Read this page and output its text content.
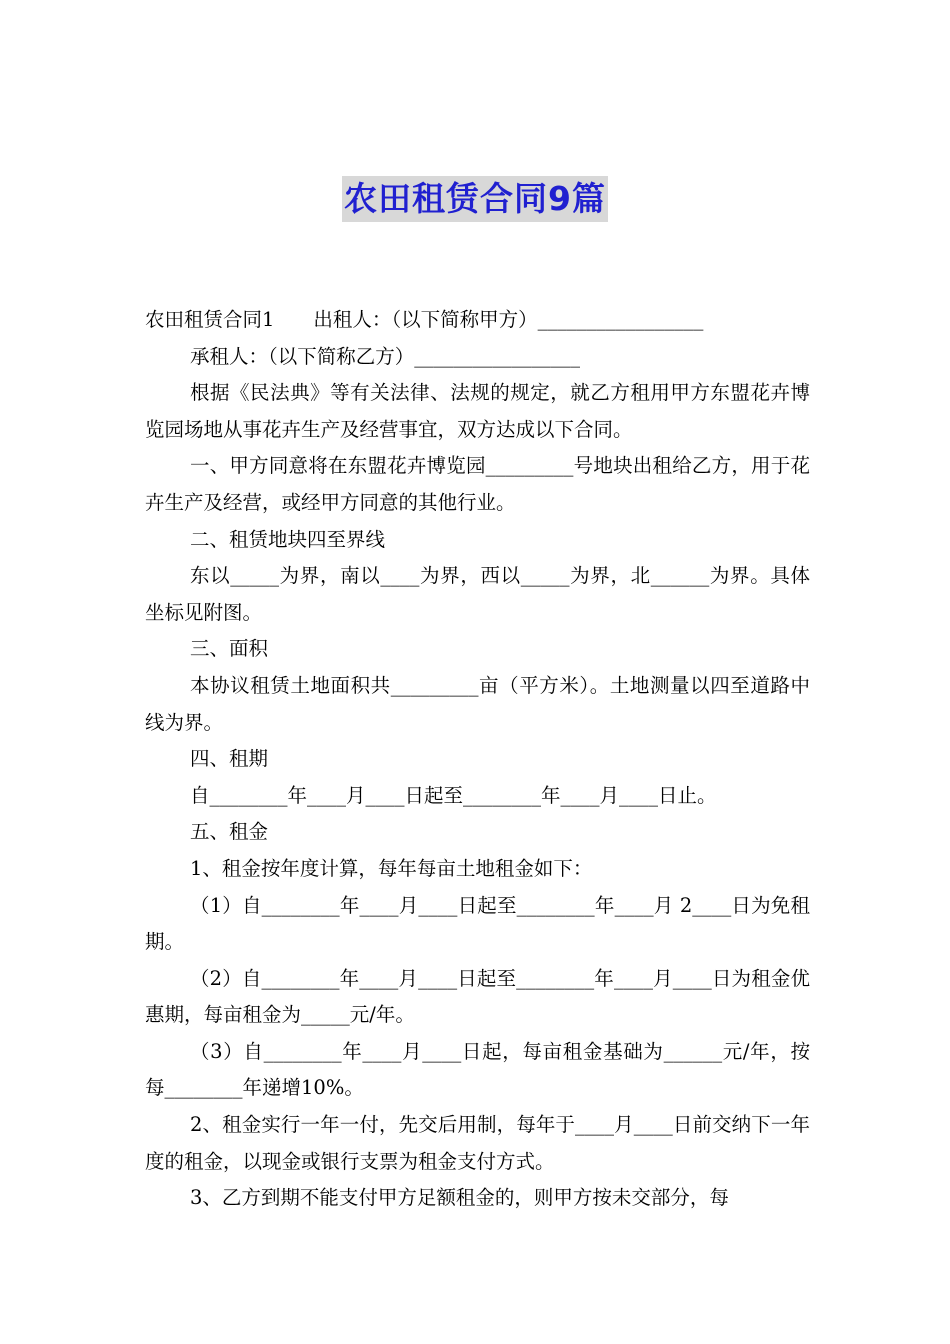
农田租赁合同9篇

农田租赁合同1　　出租人：（以下简称甲方）_________________

承租人：（以下简称乙方）_________________

根据《民法典》等有关法律、法规的规定，就乙方租用甲方东盟花卉博览园场地从事花卉生产及经营事宜，双方达成以下合同。

一、甲方同意将在东盟花卉博览园_________号地块出租给乙方，用于花卉生产及经营，或经甲方同意的其他行业。

二、租赁地块四至界线

东以_____为界，南以____为界，西以_____为界，北______为界。具体坐标见附图。

三、面积

本协议租赁土地面积共_________亩（平方米）。土地测量以四至道路中线为界。

四、租期

自________年____月____日起至________年____月____日止。

五、租金

1、租金按年度计算，每年每亩土地租金如下：

（1）自________年____月____日起至________年____月 2____日为免租期。

（2）自________年____月____日起至________年____月____日为租金优惠期，每亩租金为_____元/年。

（3）自________年____月____日起，每亩租金基础为______元/年，按每________年递增10%。

2、租金实行一年一付，先交后用制，每年于____月____日前交纳下一年度的租金，以现金或银行支票为租金支付方式。

3、乙方到期不能支付甲方足额租金的，则甲方按未交部分，每
